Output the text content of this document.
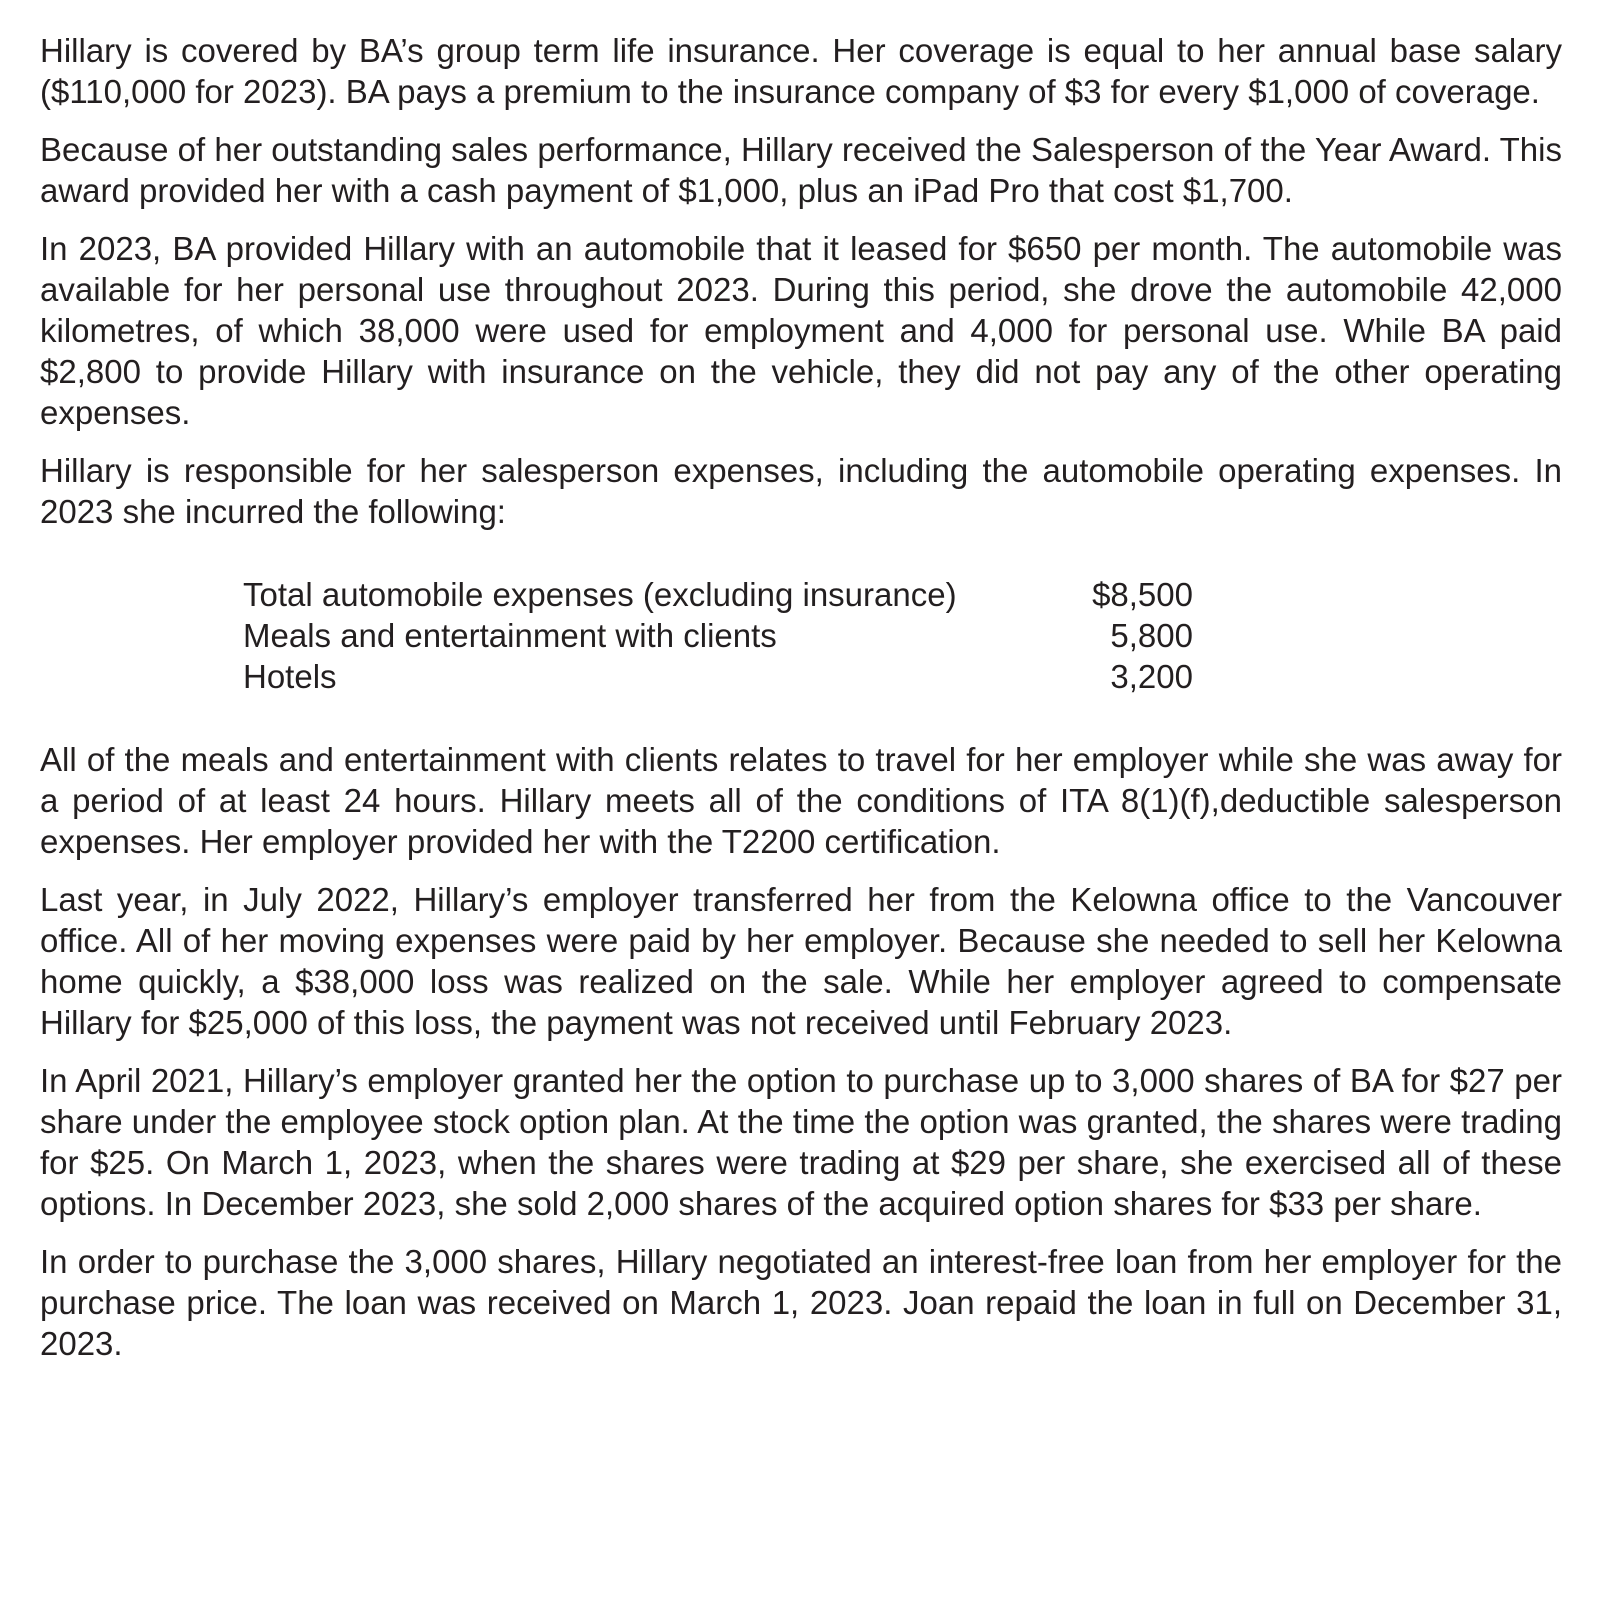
Hillary is covered by BA’s group term life insurance. Her coverage is equal to her annual base salary ($110,000 for 2023). BA pays a premium to the insurance company of $3 for every $1,000 of coverage.

Because of her outstanding sales performance, Hillary received the Salesperson of the Year Award. This award provided her with a cash payment of $1,000, plus an iPad Pro that cost $1,700.

In 2023, BA provided Hillary with an automobile that it leased for $650 per month. The automobile was available for her personal use throughout 2023. During this period, she drove the automobile 42,000 kilometres, of which 38,000 were used for employment and 4,000 for personal use. While BA paid $2,800 to provide Hillary with insurance on the vehicle, they did not pay any of the other operating expenses.

Hillary is responsible for her salesperson expenses, including the automobile operating expenses. In 2023 she incurred the following:

Total automobile expenses (excluding insurance)	$8,500
Meals and entertainment with clients	5,800
Hotels	3,200

All of the meals and entertainment with clients relates to travel for her employer while she was away for a period of at least 24 hours. Hillary meets all of the conditions of ITA 8(1)(f),deductible salesperson expenses. Her employer provided her with the T2200 certification.

Last year, in July 2022, Hillary’s employer transferred her from the Kelowna office to the Vancouver office. All of her moving expenses were paid by her employer. Because she needed to sell her Kelowna home quickly, a $38,000 loss was realized on the sale. While her employer agreed to compensate Hillary for $25,000 of this loss, the payment was not received until February 2023.

In April 2021, Hillary’s employer granted her the option to purchase up to 3,000 shares of BA for $27 per share under the employee stock option plan. At the time the option was granted, the shares were trading for $25. On March 1, 2023, when the shares were trading at $29 per share, she exercised all of these options. In December 2023, she sold 2,000 shares of the acquired option shares for $33 per share.

In order to purchase the 3,000 shares, Hillary negotiated an interest-free loan from her employer for the purchase price. The loan was received on March 1, 2023. Joan repaid the loan in full on December 31, 2023.
